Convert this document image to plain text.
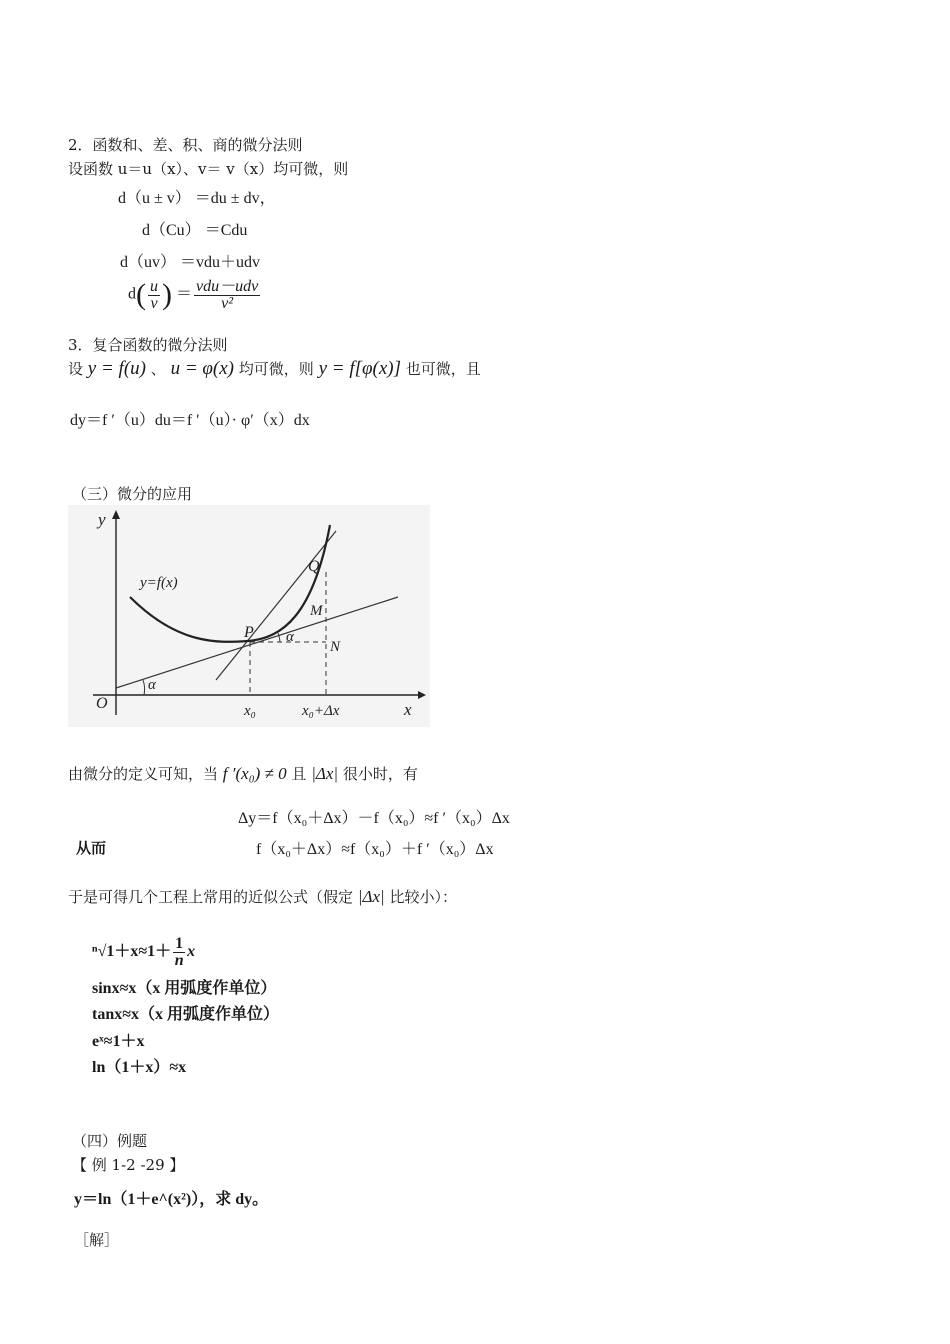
2．函数和、差、积、商的微分法则
设函数 u＝u（x）、v＝ v（x）均可微，则
d（u ± v） ＝du ± dv，
d（Cu） ＝Cdu
d（uv） ＝vdu＋udv
$d( \frac{u}{v}$ ) ＝ $\frac{\text{vdu－udv}}{\text{v²}}$
3．复合函数的微分法则
设 y = f(u) 、 u = φ(x) 均可微，则 y = f[φ(x)] 也可微，且
dy＝f ′（u）du＝f ′（u）· φ′（x）dx
（三）微分的应用
y
x
O
y=f(x)
P
Q
M
N
α
α
x₀	x₀+Δx
由微分的定义可知，当 f ′(x₀) ≠ 0 且 |Δx| 很小时，有
Δy＝f（x₀＋Δx）－f（x₀）≈f ′（x₀）Δx
从而	f（x₀＋Δx）≈f（x₀）＋f ′（x₀）Δx
于是可得几个工程上常用的近似公式（假定 |Δx| 比较小）：
$^n√1+x\approx 1+ \frac{1}{n}$ x
sinx≈x（x 用弧度作单位）
tanx≈x（x 用弧度作单位）
eˣ≈1＋x
ln（1＋x）≈x
（四）例题
【 例 1-2 -29 】
y＝ln（1＋e^(x²)），求 dy。
［解］
